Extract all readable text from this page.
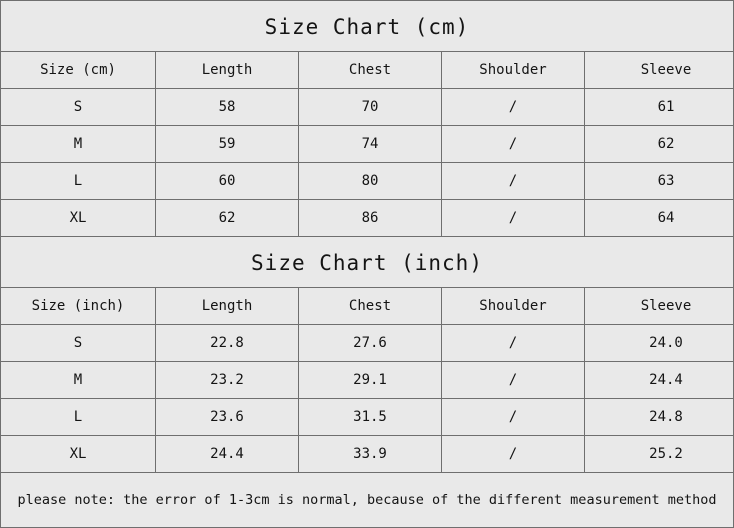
Size Chart (cm)
Size (cm)	Length	Chest	Shoulder	Sleeve
S	58	70	/	61
M	59	74	/	62
L	60	80	/	63
XL	62	86	/	64
Size Chart (inch)
Size (inch)	Length	Chest	Shoulder	Sleeve
S	22.8	27.6	/	24.0
M	23.2	29.1	/	24.4
L	23.6	31.5	/	24.8
XL	24.4	33.9	/	25.2
please note: the error of 1-3cm is normal, because of the different measurement method
